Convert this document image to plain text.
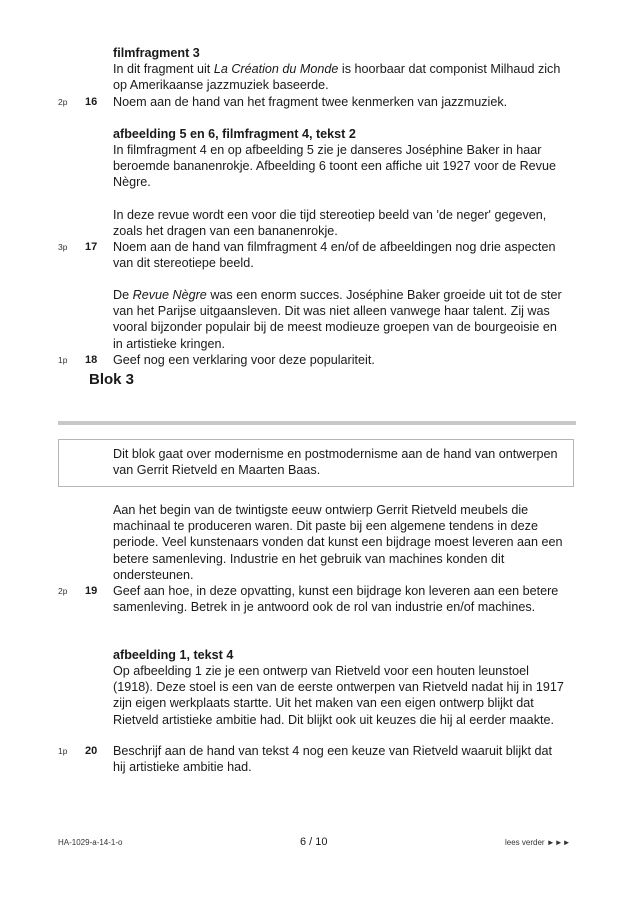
filmfragment 3

In dit fragment uit La Création du Monde is hoorbaar dat componist Milhaud zich op Amerikaanse jazzmuziek baseerde.

2p 16 Noem aan de hand van het fragment twee kenmerken van jazzmuziek.

afbeelding 5 en 6, filmfragment 4, tekst 2

In filmfragment 4 en op afbeelding 5 zie je danseres Joséphine Baker in haar beroemde bananenrokje. Afbeelding 6 toont een affiche uit 1927 voor de Revue Nègre.

In deze revue wordt een voor die tijd stereotiep beeld van 'de neger' gegeven, zoals het dragen van een bananenrokje.

3p 17 Noem aan de hand van filmfragment 4 en/of de afbeeldingen nog drie aspecten van dit stereotiepe beeld.

De Revue Nègre was een enorm succes. Joséphine Baker groeide uit tot de ster van het Parijse uitgaansleven. Dit was niet alleen vanwege haar talent. Zij was vooral bijzonder populair bij de meest modieuze groepen van de bourgeoisie en in artistieke kringen.

1p 18 Geef nog een verklaring voor deze populariteit.

Blok 3

Dit blok gaat over modernisme en postmodernisme aan de hand van ontwerpen van Gerrit Rietveld en Maarten Baas.

Aan het begin van de twintigste eeuw ontwierp Gerrit Rietveld meubels die machinaal te produceren waren. Dit paste bij een algemene tendens in deze periode. Veel kunstenaars vonden dat kunst een bijdrage moest leveren aan een betere samenleving. Industrie en het gebruik van machines konden dit ondersteunen.

2p 19 Geef aan hoe, in deze opvatting, kunst een bijdrage kon leveren aan een betere samenleving. Betrek in je antwoord ook de rol van industrie en/of machines.

afbeelding 1, tekst 4

Op afbeelding 1 zie je een ontwerp van Rietveld voor een houten leunstoel (1918). Deze stoel is een van de eerste ontwerpen van Rietveld nadat hij in 1917 zijn eigen werkplaats startte. Uit het maken van een eigen ontwerp blijkt dat Rietveld artistieke ambitie had. Dit blijkt ook uit keuzes die hij al eerder maakte.

1p 20 Beschrijf aan de hand van tekst 4 nog een keuze van Rietveld waaruit blijkt dat hij artistieke ambitie had.

HA-1029-a-14-1-o	6 / 10	lees verder ►►►
